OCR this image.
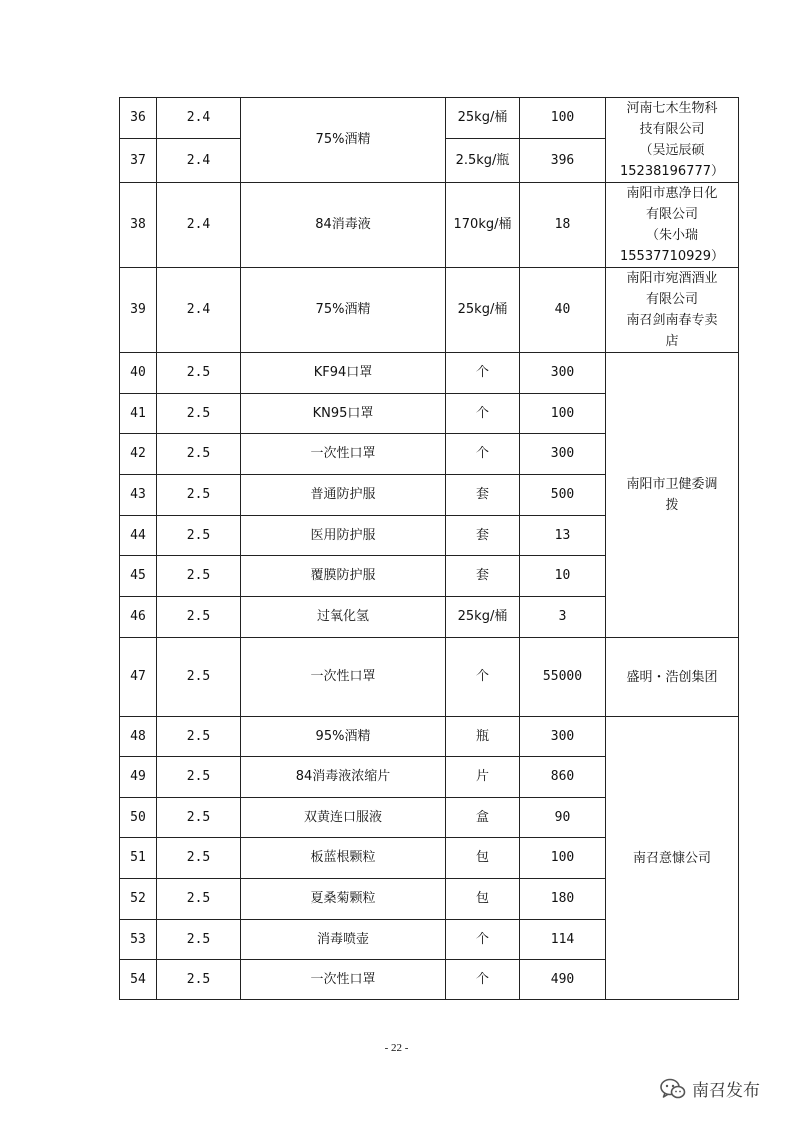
36	2.4	75%酒精	25kg/桶	100	河南七木生物科
技有限公司
（吴远辰硕
15238196777）

37	2.4		2.5kg/瓶	396	
38	2.4	84消毒液	170kg/桶	18	南阳市惠净日化
有限公司
（朱小瑞
15537710929）

39	2.4	75%酒精	25kg/桶	40	南阳市宛酒酒业
有限公司
南召剑南春专卖
店

40	2.5	KF94口罩	个	300	南阳市卫健委调
拨

41	2.5	KN95口罩	个	100	
42	2.5	一次性口罩	个	300	
43	2.5	普通防护服	套	500	
44	2.5	医用防护服	套	13	
45	2.5	覆膜防护服	套	10	
46	2.5	过氧化氢	25kg/桶	3	
47	2.5	一次性口罩	个	55000	盛明・浩创集团

48	2.5	95%酒精	瓶	300	南召意慷公司

49	2.5	84消毒液浓缩片	片	860	
50	2.5	双黄连口服液	盒	90	
51	2.5	板蓝根颗粒	包	100	
52	2.5	夏桑菊颗粒	包	180	
53	2.5	消毒喷壶	个	114	
54	2.5	一次性口罩	个	490	
- 22 -
南召发布
